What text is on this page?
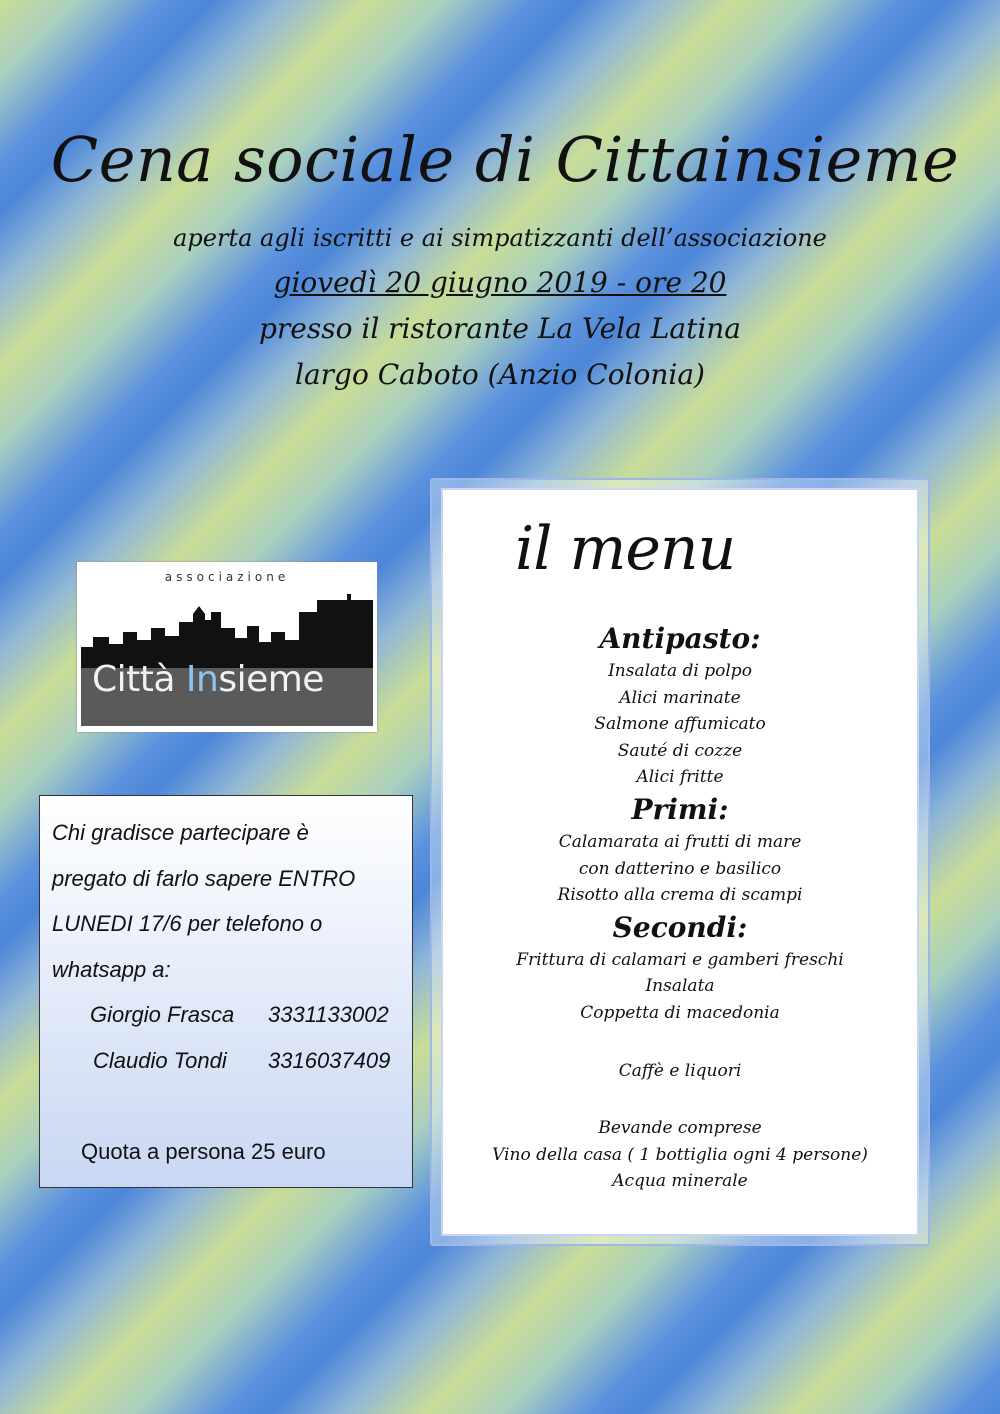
Cena sociale di Cittainsieme
aperta agli iscritti e ai simpatizzanti dell’associazione
giovedì 20 giugno 2019 - ore 20
presso il ristorante La Vela Latina
largo Caboto (Anzio Colonia)
associazione
Città Insieme
Chi gradisce partecipare è
pregato di farlo sapere ENTRO
LUNEDI 17/6 per telefono o
whatsapp a:
Giorgio Frasca	3331133002
Claudio Tondi	3316037409
Quota a persona 25 euro
il menu
Antipasto:
Insalata di polpo
Alici marinate
Salmone affumicato
Sauté di cozze
Alici fritte
Primi:
Calamarata ai frutti di mare
con datterino e basilico
Risotto alla crema di scampi
Secondi:
Frittura di calamari e gamberi freschi
Insalata
Coppetta di macedonia
Caffè e liquori
Bevande comprese
Vino della casa ( 1 bottiglia ogni 4 persone)
Acqua minerale
